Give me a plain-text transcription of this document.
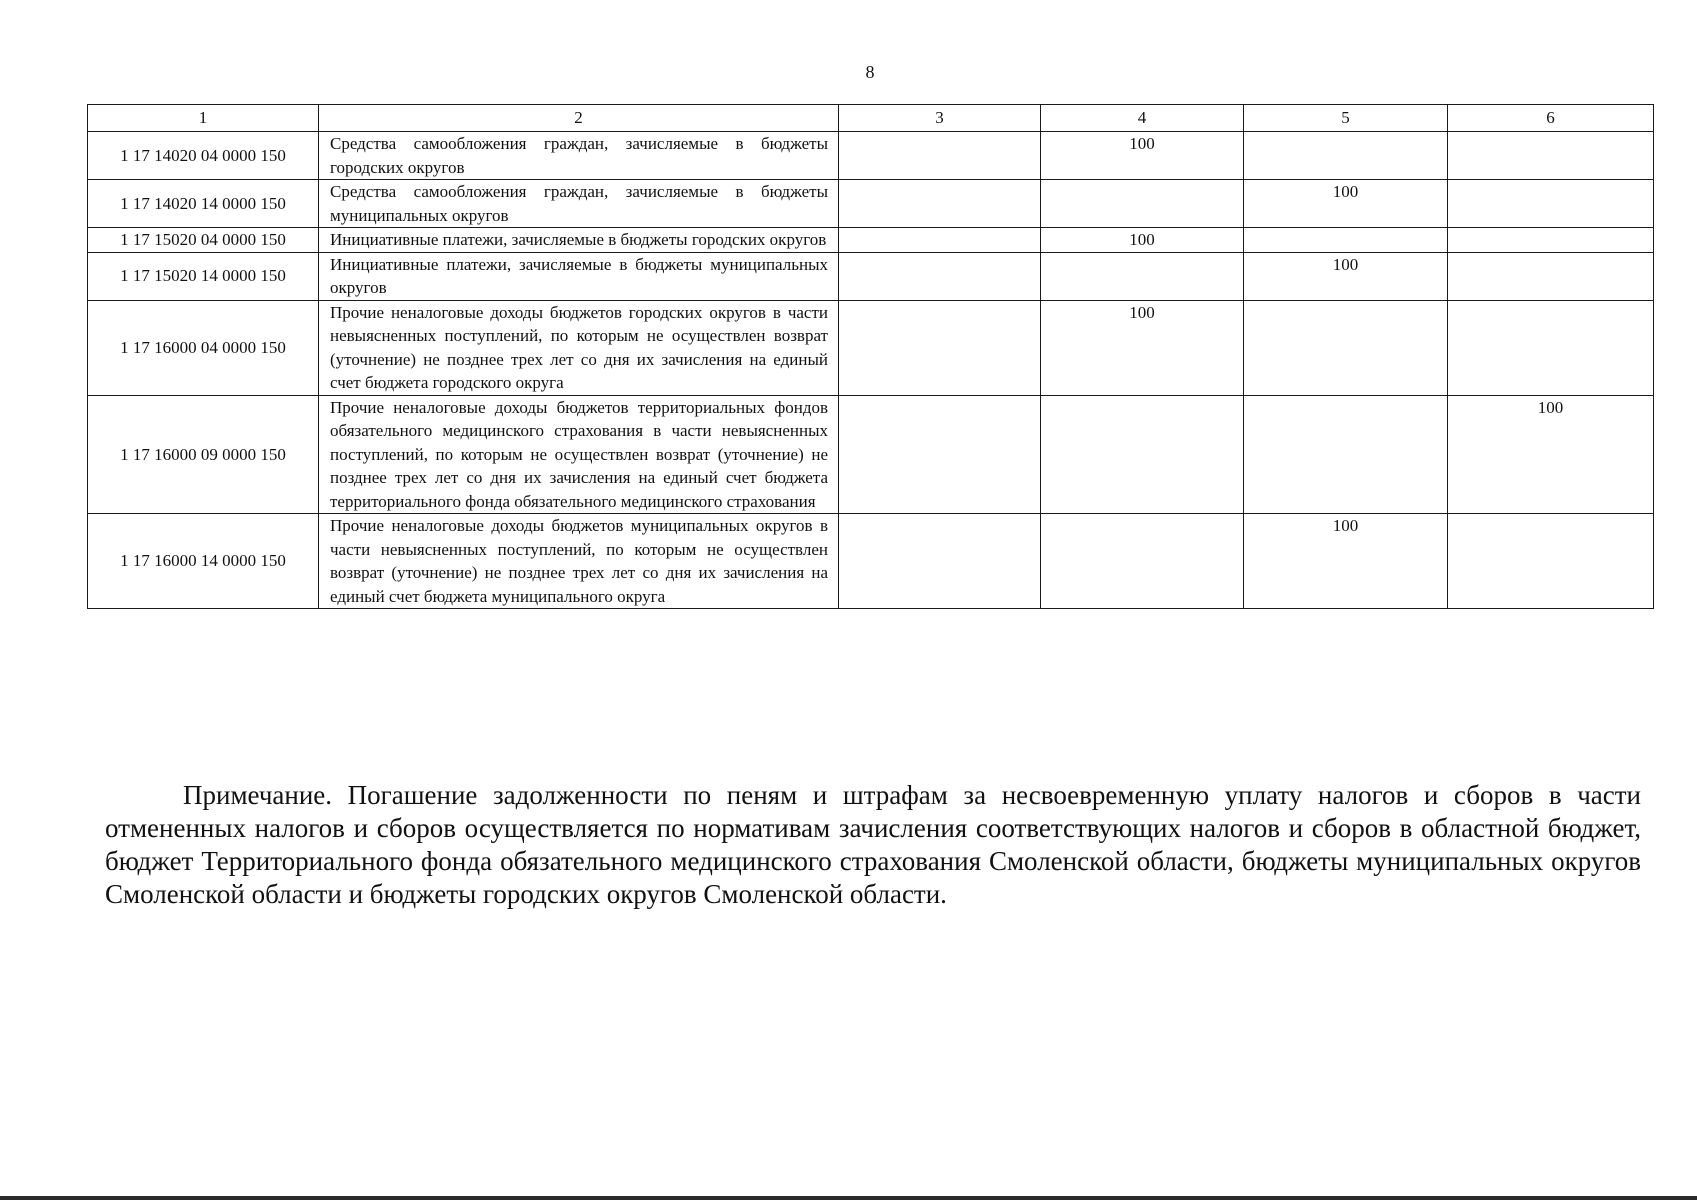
8
1	2	3	4	5	6
1 17 14020 04 0000 150	Средства самообложения граждан, зачисляемые в бюджеты городских округов		100		
1 17 14020 14 0000 150	Средства самообложения граждан, зачисляемые в бюджеты муниципальных округов			100	
1 17 15020 04 0000 150	Инициативные платежи, зачисляемые в бюджеты городских округов		100		
1 17 15020 14 0000 150	Инициативные платежи, зачисляемые в бюджеты муниципальных округов			100	
1 17 16000 04 0000 150	Прочие неналоговые доходы бюджетов городских округов в части невыясненных поступлений, по которым не осуществлен возврат (уточнение) не позднее трех лет со дня их зачисления на единый счет бюджета городского округа		100		
1 17 16000 09 0000 150	Прочие неналоговые доходы бюджетов территориальных фондов обязательного медицинского страхования в части невыясненных поступлений, по которым не осуществлен возврат (уточнение) не позднее трех лет со дня их зачисления на единый счет бюджета территориального фонда обязательного медицинского страхования				100
1 17 16000 14 0000 150	Прочие неналоговые доходы бюджетов муниципальных округов в части невыясненных поступлений, по которым не осуществлен возврат (уточнение) не позднее трех лет со дня их зачисления на единый счет бюджета муниципального округа			100	

Примечание. Погашение задолженности по пеням и штрафам за несвоевременную уплату налогов и сборов в части отмененных налогов и сборов осуществляется по нормативам зачисления соответствующих налогов и сборов в областной бюджет, бюджет Территориального фонда обязательного медицинского страхования Смоленской области, бюджеты муниципальных округов Смоленской области и бюджеты городских округов Смоленской области.
